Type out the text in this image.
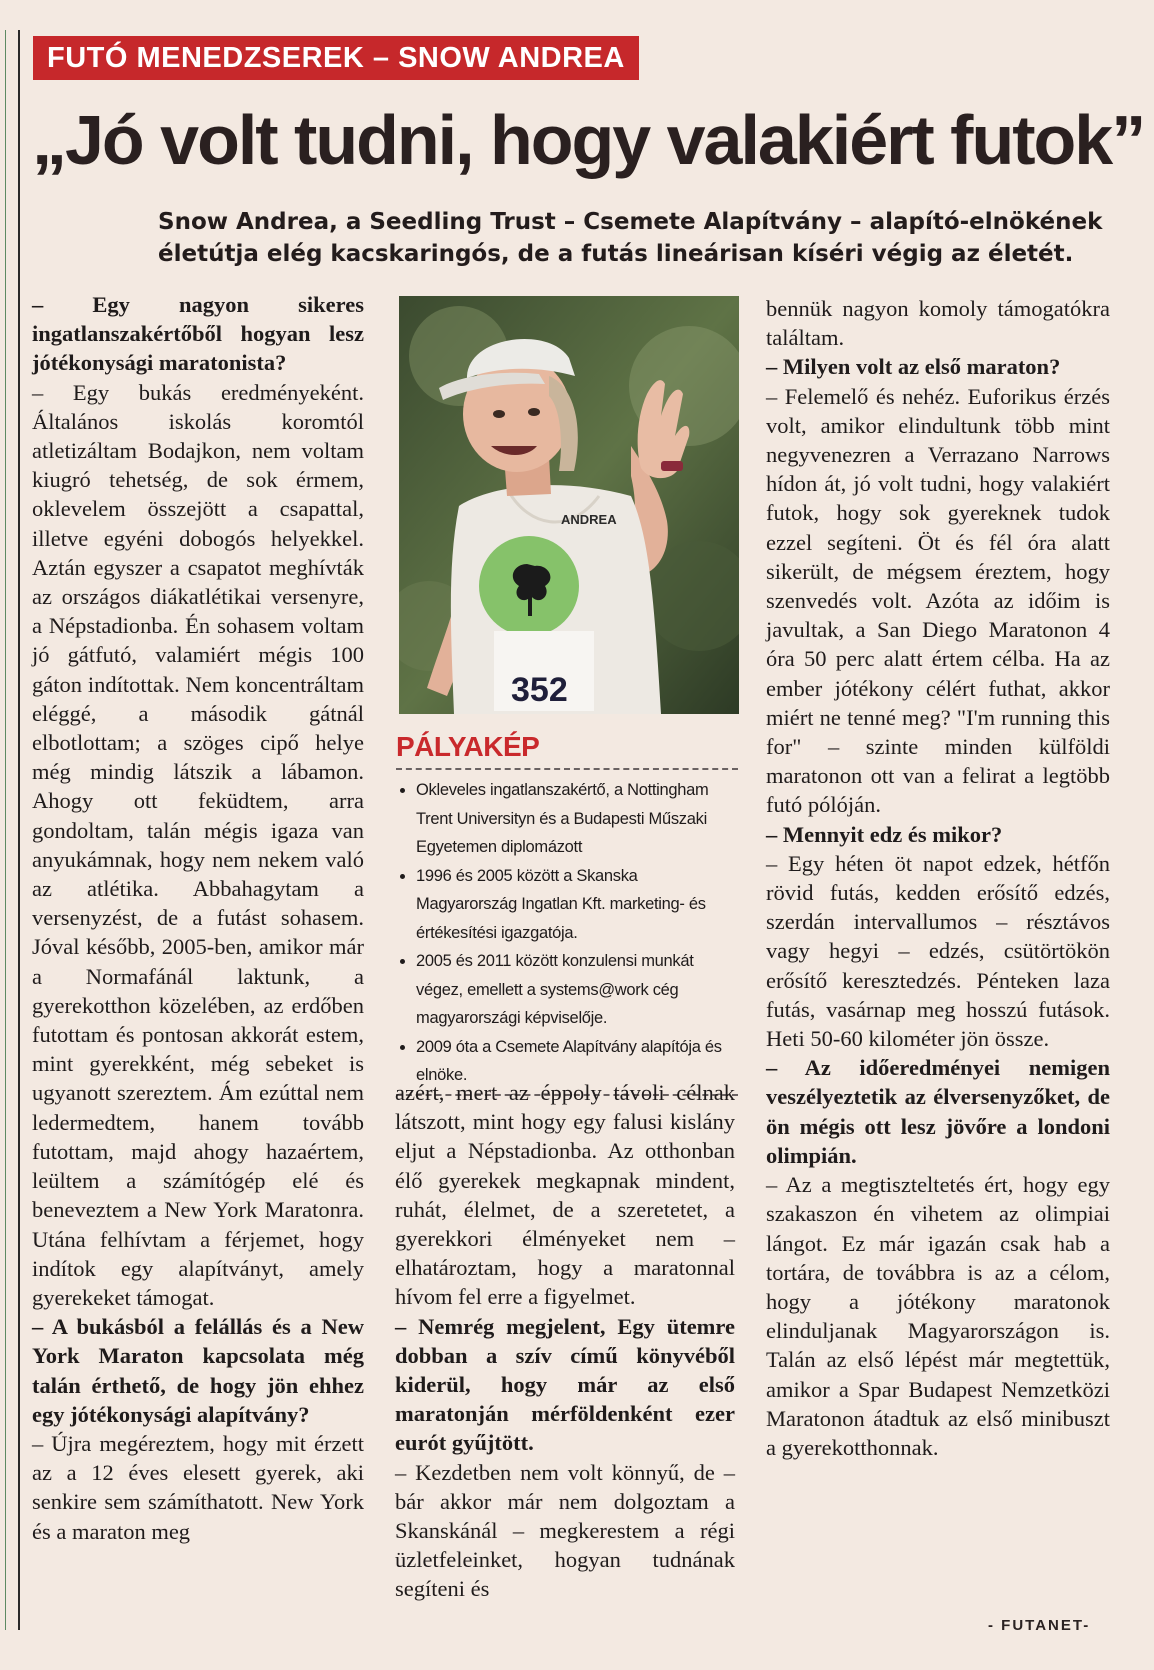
FUTÓ MENEDZSEREK – SNOW ANDREA
„Jó volt tudni, hogy valakiért futok”
Snow Andrea, a Seedling Trust – Csemete Alapítvány – alapító-elnökének életútja elég kacskaringós, de a futás lineárisan kíséri végig az életét.

– Egy nagyon sikeres ingatlanszakértőből hogyan lesz jótékonysági maratonista?

– Egy bukás eredményeként. Általános iskolás koromtól atletizáltam Bodajkon, nem voltam kiugró tehetség, de sok érmem, oklevelem összejött a csapattal, illetve egyéni dobogós helyekkel. Aztán egyszer a csapatot meghívták az országos diákatlétikai versenyre, a Népstadionba. Én sohasem voltam jó gátfutó, valamiért mégis 100 gáton indítottak. Nem koncentráltam eléggé, a második gátnál elbotlottam; a szöges cipő helye még mindig látszik a lábamon. Ahogy ott feküdtem, arra gondoltam, talán mégis igaza van anyukámnak, hogy nem nekem való az atlétika. Abbahagytam a versenyzést, de a futást sohasem. Jóval később, 2005-ben, amikor már a Normafánál laktunk, a gyerekotthon közelében, az erdőben futottam és pontosan akkorát estem, mint gyerekként, még sebeket is ugyanott szereztem. Ám ezúttal nem ledermedtem, hanem tovább futottam, majd ahogy hazaértem, leültem a számítógép elé és beneveztem a New York Maratonra. Utána felhívtam a férjemet, hogy indítok egy alapítványt, amely gyerekeket támogat.

– A bukásból a felállás és a New York Maraton kapcsolata még talán érthető, de hogy jön ehhez egy jótékonysági alapítvány?

– Újra megéreztem, hogy mit érzett az a 12 éves elesett gyerek, aki senkire sem számíthatott. New York és a maraton meg

ANDREA
352
PÁLYAKÉP
• Okleveles ingatlanszakértő, a Nottingham Trent Universityn és a Budapesti Műszaki Egyetemen diplomázott
• 1996 és 2005 között a Skanska Magyarország Ingatlan Kft. marketing- és értékesítési igazgatója.
• 2005 és 2011 között konzulensi munkát végez, emellett a systems@work cég magyarországi képviselője.
• 2009 óta a Csemete Alapítvány alapítója és elnöke.

azért, mert az éppoly távoli célnak látszott, mint hogy egy falusi kislány eljut a Népstadionba. Az otthonban élő gyerekek megkapnak mindent, ruhát, élelmet, de a szeretetet, a gyerekkori élményeket nem – elhatároztam, hogy a maratonnal hívom fel erre a figyelmet.

– Nemrég megjelent, Egy ütemre dobban a szív című könyvéből kiderül, hogy már az első maratonján mérföldenként ezer eurót gyűjtött.

– Kezdetben nem volt könnyű, de – bár akkor már nem dolgoztam a Skanskánál – megkerestem a régi üzletfeleinket, hogyan tudnának segíteni és

bennük nagyon komoly támogatókra találtam.

– Milyen volt az első maraton?

– Felemelő és nehéz. Euforikus érzés volt, amikor elindultunk több mint negyvenezren a Verrazano Narrows hídon át, jó volt tudni, hogy valakiért futok, hogy sok gyereknek tudok ezzel segíteni. Öt és fél óra alatt sikerült, de mégsem éreztem, hogy szenvedés volt. Azóta az időim is javultak, a San Diego Maratonon 4 óra 50 perc alatt értem célba. Ha az ember jótékony célért futhat, akkor miért ne tenné meg? "I'm running this for" – szinte minden külföldi maratonon ott van a felirat a legtöbb futó pólóján.

– Mennyit edz és mikor?

– Egy héten öt napot edzek, hétfőn rövid futás, kedden erősítő edzés, szerdán intervallumos – résztávos vagy hegyi – edzés, csütörtökön erősítő keresztedzés. Pénteken laza futás, vasárnap meg hosszú futások. Heti 50-60 kilométer jön össze.

– Az időeredményei nemigen veszélyeztetik az élversenyzőket, de ön mégis ott lesz jövőre a londoni olimpián.

– Az a megtiszteltetés ért, hogy egy szakaszon én vihetem az olimpiai lángot. Ez már igazán csak hab a tortára, de továbbra is az a célom, hogy a jótékony maratonok elinduljanak Magyarországon is. Talán az első lépést már megtettük, amikor a Spar Budapest Nemzetközi Maratonon átadtuk az első minibuszt a gyerekotthonnak.

- FUTANET-
